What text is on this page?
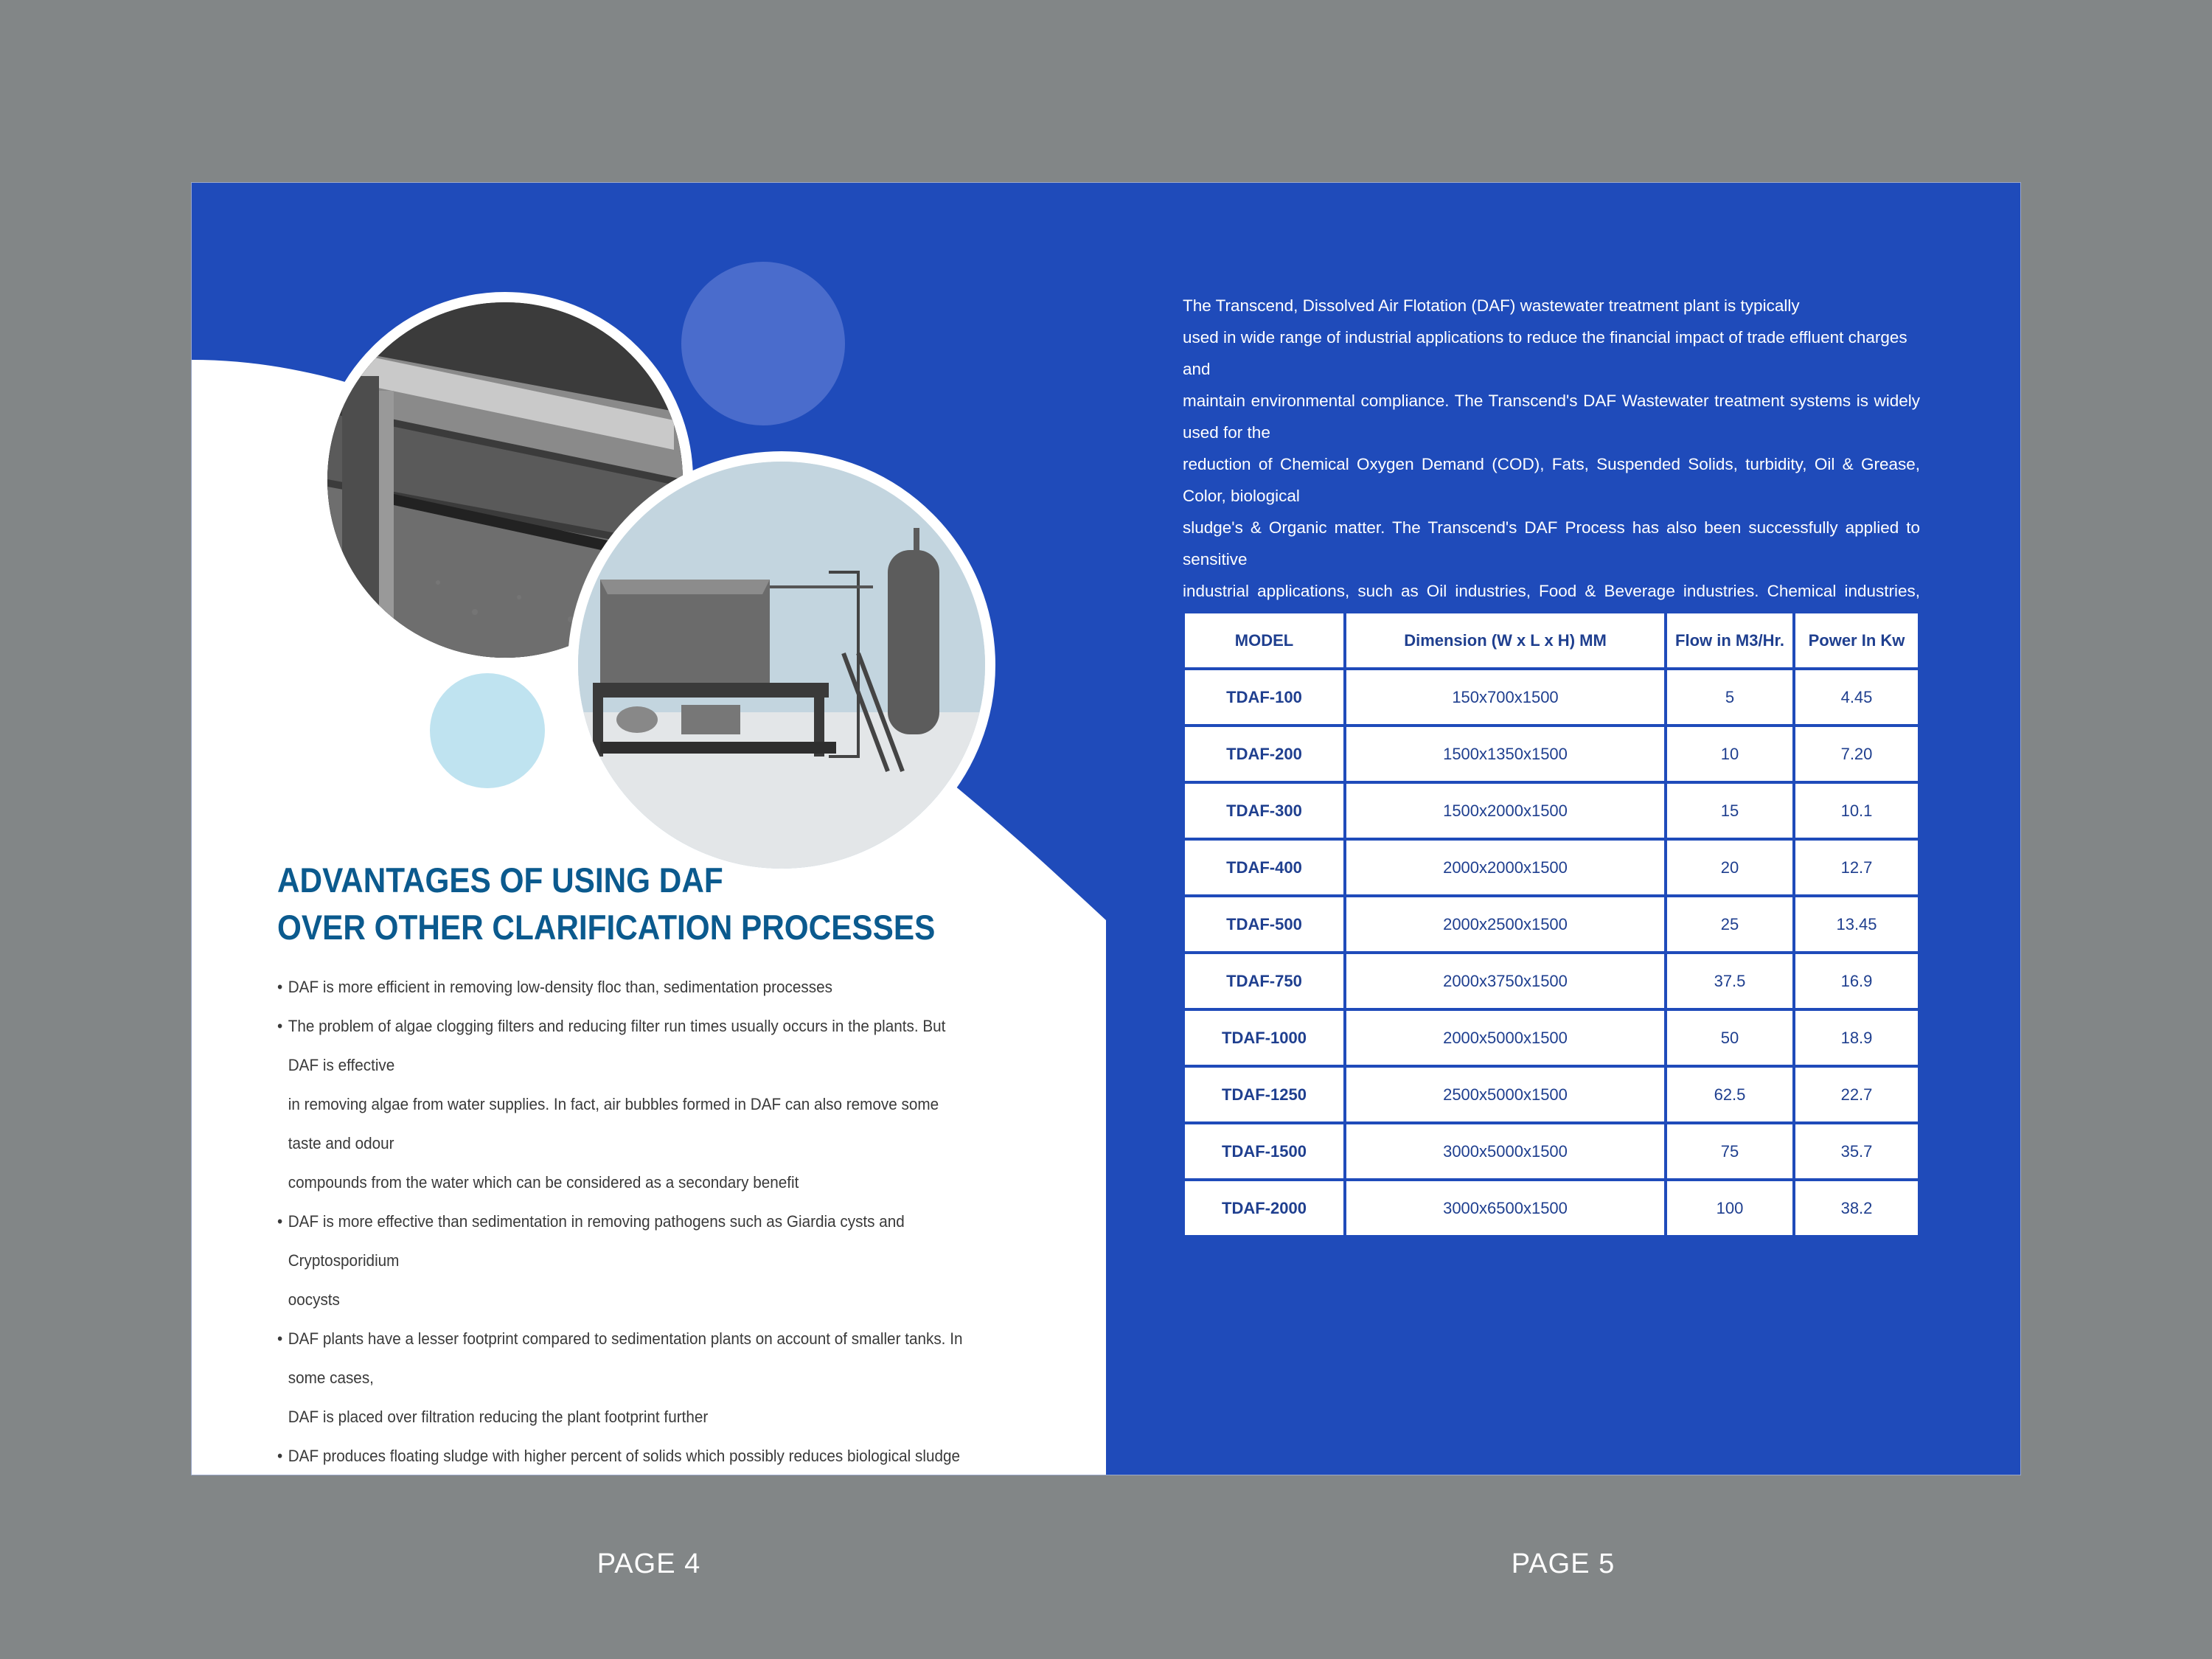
ADVANTAGES OF USING DAF
OVER OTHER CLARIFICATION PROCESSES
• DAF is more efficient in removing low-density floc than, sedimentation processes
• The problem of algae clogging filters and reducing filter run times usually occurs in the plants. But DAF is effective
in removing algae from water supplies. In fact, air bubbles formed in DAF can also remove some taste and odour
compounds from the water which can be considered as a secondary benefit
• DAF is more effective than sedimentation in removing pathogens such as Giardia cysts and Cryptosporidium
oocysts
• DAF plants have a lesser footprint compared to sedimentation plants on account of smaller tanks. In some cases,
DAF is placed over filtration reducing the plant footprint further
• DAF produces floating sludge with higher percent of solids which possibly reduces biological sludge

The Transcend, Dissolved Air Flotation (DAF) wastewater treatment plant is typically
used in wide range of industrial applications to reduce the financial impact of trade effluent charges and
maintain environmental compliance. The Transcend's DAF Wastewater treatment systems is widely used for the
reduction of Chemical Oxygen Demand (COD), Fats, Suspended Solids, turbidity, Oil & Grease, Color, biological
sludge's & Organic matter. The Transcend's DAF Process has also been successfully applied to sensitive
industrial applications, such as Oil industries, Food & Beverage industries. Chemical industries,

MODEL	Dimension (W x L x H) MM	Flow in M3/Hr.	Power In Kw
TDAF-100	150x700x1500	5	4.45
TDAF-200	1500x1350x1500	10	7.20
TDAF-300	1500x2000x1500	15	10.1
TDAF-400	2000x2000x1500	20	12.7
TDAF-500	2000x2500x1500	25	13.45
TDAF-750	2000x3750x1500	37.5	16.9
TDAF-1000	2000x5000x1500	50	18.9
TDAF-1250	2500x5000x1500	62.5	22.7
TDAF-1500	3000x5000x1500	75	35.7
TDAF-2000	3000x6500x1500	100	38.2
PAGE 4	PAGE 5
